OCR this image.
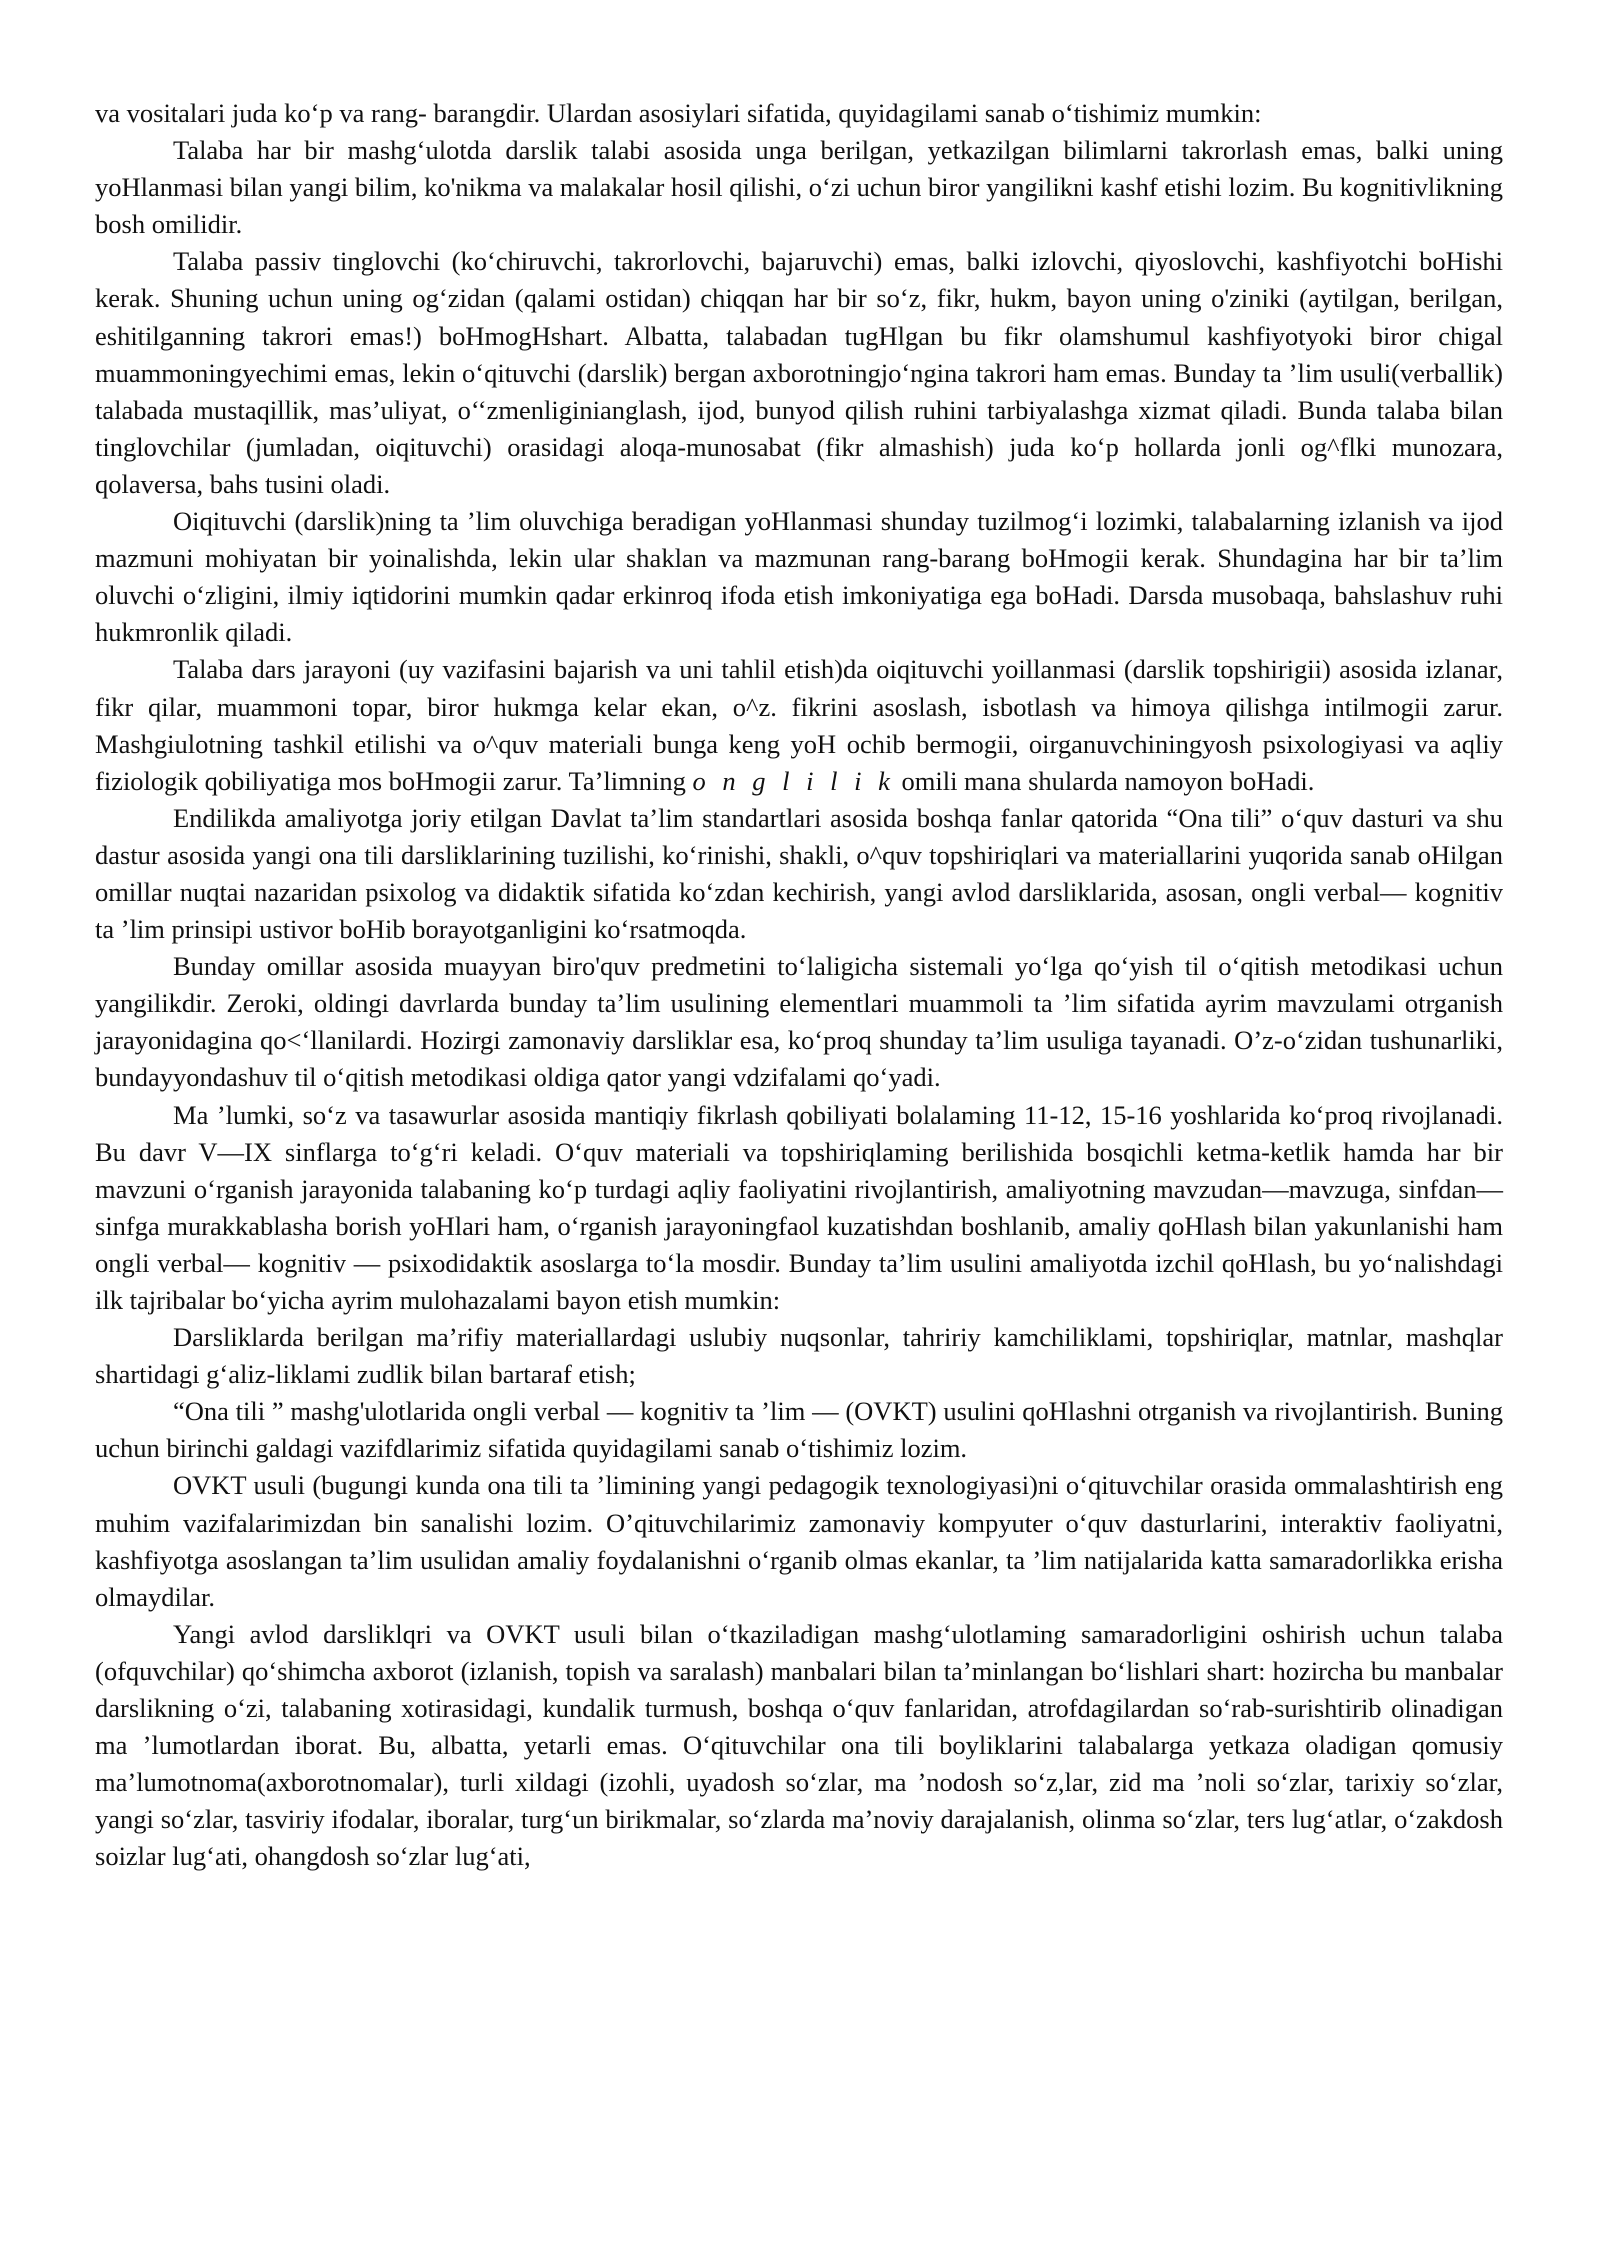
va vositalari juda ko‘p va rang- barangdir. Ulardan asosiylari sifatida, quyidagilami sanab oʻtishimiz mumkin:

Talaba har bir mashg‘ulotda darslik talabi asosida unga berilgan, yetkazilgan bilimlarni takrorlash emas, balki uning yoHlanmasi bilan yangi bilim, ko'nikma va malakalar hosil qilishi, o‘zi uchun biror yangilikni kashf etishi lozim. Bu kognitivlikning bosh omilidir.

Talaba passiv tinglovchi (ko‘chiruvchi, takrorlovchi, bajaruvchi) emas, balki izlovchi, qiyoslovchi, kashfiyotchi boHishi kerak. Shuning uchun uning og‘zidan (qalami ostidan) chiqqan har bir soʻz, fikr, hukm, bayon uning o'ziniki (aytilgan, berilgan, eshitilganning takrori emas!) boHmogHshart. Albatta, talabadan tugHlgan bu fikr olamshumul kashfiyotyoki biror chigal muammoningyechimi emas, lekin oʻqituvchi (darslik) bergan axborotningjoʻngina takrori ham emas. Bunday ta ’lim usuli(verballik) talabada mustaqillik, mas’uliyat, o‘‘zmenliginianglash, ijod, bunyod qilish ruhini tarbiyalashga xizmat qiladi. Bunda talaba bilan tinglovchilar (jumladan, oiqituvchi) orasidagi aloqa-munosabat (fikr almashish) juda ko‘p hollarda jonli og^flki munozara, qolaversa, bahs tusini oladi.

Oiqituvchi (darslik)ning ta ’lim oluvchiga beradigan yoHlanmasi shunday tuzilmog‘i lozimki, talabalarning izlanish va ijod mazmuni mohiyatan bir yoinalishda, lekin ular shaklan va mazmunan rang-barang boHmogii kerak. Shundagina har bir ta’lim oluvchi o‘zligini, ilmiy iqtidorini mumkin qadar erkinroq ifoda etish imkoniyatiga ega boHadi. Darsda musobaqa, bahslashuv ruhi hukmronlik qiladi.

Talaba dars jarayoni (uy vazifasini bajarish va uni tahlil etish)da oiqituvchi yoillanmasi (darslik topshirigii) asosida izlanar, fikr qilar, muammoni topar, biror hukmga kelar ekan, o^z. fikrini asoslash, isbotlash va himoya qilishga intilmogii zarur. Mashgiulotning tashkil etilishi va o^quv materiali bunga keng yoH ochib bermogii, oirganuvchiningyosh psixologiyasi va aqliy fiziologik qobiliyatiga mos boHmogii zarur. Ta’limning o n g l i l i k omili mana shularda namoyon boHadi.

Endilikda amaliyotga joriy etilgan Davlat ta’lim standartlari asosida boshqa fanlar qatorida “Ona tili” o‘quv dasturi va shu dastur asosida yangi ona tili darsliklarining tuzilishi, ko‘rinishi, shakli, o^quv topshiriqlari va materiallarini yuqorida sanab oHilgan omillar nuqtai nazaridan psixolog va didaktik sifatida ko‘zdan kechirish, yangi avlod darsliklarida, asosan, ongli verbal— kognitiv ta ’lim prinsipi ustivor boHib borayotganligini ko‘rsatmoqda.

Bunday omillar asosida muayyan biro'quv predmetini to‘laligicha sistemali yo‘lga qo‘yish til o‘qitish metodikasi uchun yangilikdir. Zeroki, oldingi davrlarda bunday ta’lim usulining elementlari muammoli ta ’lim sifatida ayrim mavzulami otrganish jarayonidagina qo<‘llanilardi. Hozirgi zamonaviy darsliklar esa, ko‘proq shunday ta’lim usuliga tayanadi. O’z-o‘zidan tushunarliki, bundayyondashuv til o‘qitish metodikasi oldiga qator yangi vdzifalami qo‘yadi.

Ma ’lumki, so‘z va tasawurlar asosida mantiqiy fikrlash qobiliyati bolalaming 11-12, 15-16 yoshlarida ko‘proq rivojlanadi. Bu davr V—IX sinflarga toʻgʻri keladi. Oʻquv materiali va topshiriqlaming berilishida bosqichli ketma-ketlik hamda har bir mavzuni o‘rganish jarayonida talabaning ko‘p turdagi aqliy faoliyatini rivojlantirish, amaliyotning mavzudan—mavzuga, sinfdan—sinfga murakkablasha borish yoHlari ham, oʻrganish jarayoningfaol kuzatishdan boshlanib, amaliy qoHlash bilan yakunlanishi ham ongli verbal— kognitiv — psixodidaktik asoslarga to‘la mosdir. Bunday ta’lim usulini amaliyotda izchil qoHlash, bu yo‘nalishdagi ilk tajribalar bo‘yicha ayrim mulohazalami bayon etish mumkin:

Darsliklarda berilgan ma’rifiy materiallardagi uslubiy nuqsonlar, tahririy kamchiliklami, topshiriqlar, matnlar, mashqlar shartidagi gʻaliz-liklami zudlik bilan bartaraf etish;

“Ona tili ” mashg'ulotlarida ongli verbal — kognitiv ta ’lim — (OVKT) usulini qoHlashni otrganish va rivojlantirish. Buning uchun birinchi galdagi vazifdlarimiz sifatida quyidagilami sanab o‘tishimiz lozim.

OVKT usuli (bugungi kunda ona tili ta ’limining yangi pedagogik texnologiyasi)ni oʻqituvchilar orasida ommalashtirish eng muhim vazifalarimizdan bin sanalishi lozim. O’qituvchilarimiz zamonaviy kompyuter o‘quv dasturlarini, interaktiv faoliyatni, kashfiyotga asoslangan ta’lim usulidan amaliy foydalanishni o‘rganib olmas ekanlar, ta ’lim natijalarida katta samaradorlikka erisha olmaydilar.

Yangi avlod darsliklqri va OVKT usuli bilan oʻtkaziladigan mashg‘ulotlaming samaradorligini oshirish uchun talaba (ofquvchilar) qoʻshimcha axborot (izlanish, topish va saralash) manbalari bilan ta’minlangan boʻlishlari shart: hozircha bu manbalar darslikning o‘zi, talabaning xotirasidagi, kundalik turmush, boshqa o‘quv fanlaridan, atrofdagilardan so‘rab-surishtirib olinadigan ma ’lumotlardan iborat. Bu, albatta, yetarli emas. Oʻqituvchilar ona tili boyliklarini talabalarga yetkaza oladigan qomusiy ma’lumotnoma(axborotnomalar), turli xildagi (izohli, uyadosh so‘zlar, ma ’nodosh so‘z,lar, zid ma ’noli so‘zlar, tarixiy so‘zlar, yangi soʻzlar, tasviriy ifodalar, iboralar, turg‘un birikmalar, soʻzlarda ma’noviy darajalanish, olinma soʻzlar, ters lug‘atlar, o‘zakdosh soizlar lug‘ati, ohangdosh so‘zlar lug‘ati,
